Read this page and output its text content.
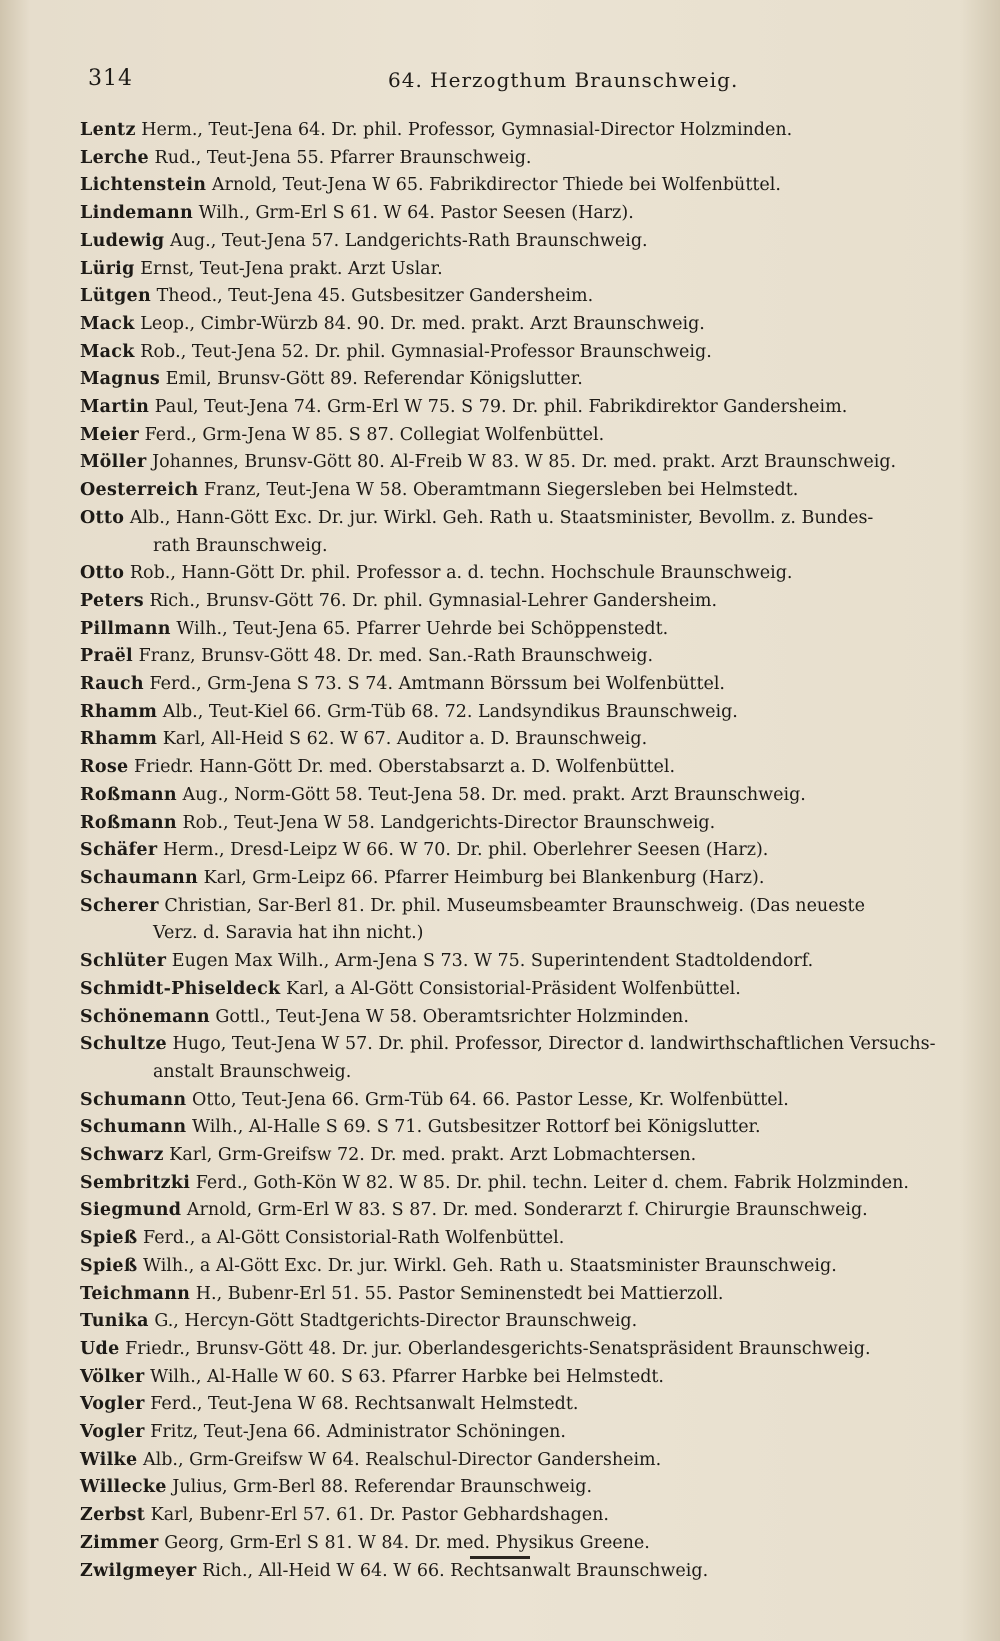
314	64. Herzogthum Braunschweig.
Lentz Herm., Teut-Jena 64. Dr. phil. Professor, Gymnasial-Director Holzminden.
Lerche Rud., Teut-Jena 55. Pfarrer Braunschweig.
Lichtenstein Arnold, Teut-Jena W 65. Fabrikdirector Thiede bei Wolfenbüttel.
Lindemann Wilh., Grm-Erl S 61. W 64. Pastor Seesen (Harz).
Ludewig Aug., Teut-Jena 57. Landgerichts-Rath Braunschweig.
Lürig Ernst, Teut-Jena prakt. Arzt Uslar.
Lütgen Theod., Teut-Jena 45. Gutsbesitzer Gandersheim.
Mack Leop., Cimbr-Würzb 84. 90. Dr. med. prakt. Arzt Braunschweig.
Mack Rob., Teut-Jena 52. Dr. phil. Gymnasial-Professor Braunschweig.
Magnus Emil, Brunsv-Gött 89. Referendar Königslutter.
Martin Paul, Teut-Jena 74. Grm-Erl W 75. S 79. Dr. phil. Fabrikdirektor Gandersheim.
Meier Ferd., Grm-Jena W 85. S 87. Collegiat Wolfenbüttel.
Möller Johannes, Brunsv-Gött 80. Al-Freib W 83. W 85. Dr. med. prakt. Arzt Braunschweig.
Oesterreich Franz, Teut-Jena W 58. Oberamtmann Siegersleben bei Helmstedt.
Otto Alb., Hann-Gött Exc. Dr. jur. Wirkl. Geh. Rath u. Staatsminister, Bevollm. z. Bundes-
rath Braunschweig.
Otto Rob., Hann-Gött Dr. phil. Professor a. d. techn. Hochschule Braunschweig.
Peters Rich., Brunsv-Gött 76. Dr. phil. Gymnasial-Lehrer Gandersheim.
Pillmann Wilh., Teut-Jena 65. Pfarrer Uehrde bei Schöppenstedt.
Praël Franz, Brunsv-Gött 48. Dr. med. San.-Rath Braunschweig.
Rauch Ferd., Grm-Jena S 73. S 74. Amtmann Börssum bei Wolfenbüttel.
Rhamm Alb., Teut-Kiel 66. Grm-Tüb 68. 72. Landsyndikus Braunschweig.
Rhamm Karl, All-Heid S 62. W 67. Auditor a. D. Braunschweig.
Rose Friedr. Hann-Gött Dr. med. Oberstabsarzt a. D. Wolfenbüttel.
Roßmann Aug., Norm-Gött 58. Teut-Jena 58. Dr. med. prakt. Arzt Braunschweig.
Roßmann Rob., Teut-Jena W 58. Landgerichts-Director Braunschweig.
Schäfer Herm., Dresd-Leipz W 66. W 70. Dr. phil. Oberlehrer Seesen (Harz).
Schaumann Karl, Grm-Leipz 66. Pfarrer Heimburg bei Blankenburg (Harz).
Scherer Christian, Sar-Berl 81. Dr. phil. Museumsbeamter Braunschweig. (Das neueste
Verz. d. Saravia hat ihn nicht.)
Schlüter Eugen Max Wilh., Arm-Jena S 73. W 75. Superintendent Stadtoldendorf.
Schmidt-Phiseldeck Karl, a Al-Gött Consistorial-Präsident Wolfenbüttel.
Schönemann Gottl., Teut-Jena W 58. Oberamtsrichter Holzminden.
Schultze Hugo, Teut-Jena W 57. Dr. phil. Professor, Director d. landwirthschaftlichen Versuchs-
anstalt Braunschweig.
Schumann Otto, Teut-Jena 66. Grm-Tüb 64. 66. Pastor Lesse, Kr. Wolfenbüttel.
Schumann Wilh., Al-Halle S 69. S 71. Gutsbesitzer Rottorf bei Königslutter.
Schwarz Karl, Grm-Greifsw 72. Dr. med. prakt. Arzt Lobmachtersen.
Sembritzki Ferd., Goth-Kön W 82. W 85. Dr. phil. techn. Leiter d. chem. Fabrik Holzminden.
Siegmund Arnold, Grm-Erl W 83. S 87. Dr. med. Sonderarzt f. Chirurgie Braunschweig.
Spieß Ferd., a Al-Gött Consistorial-Rath Wolfenbüttel.
Spieß Wilh., a Al-Gött Exc. Dr. jur. Wirkl. Geh. Rath u. Staatsminister Braunschweig.
Teichmann H., Bubenr-Erl 51. 55. Pastor Seminenstedt bei Mattierzoll.
Tunika G., Hercyn-Gött Stadtgerichts-Director Braunschweig.
Ude Friedr., Brunsv-Gött 48. Dr. jur. Oberlandesgerichts-Senatspräsident Braunschweig.
Völker Wilh., Al-Halle W 60. S 63. Pfarrer Harbke bei Helmstedt.
Vogler Ferd., Teut-Jena W 68. Rechtsanwalt Helmstedt.
Vogler Fritz, Teut-Jena 66. Administrator Schöningen.
Wilke Alb., Grm-Greifsw W 64. Realschul-Director Gandersheim.
Willecke Julius, Grm-Berl 88. Referendar Braunschweig.
Zerbst Karl, Bubenr-Erl 57. 61. Dr. Pastor Gebhardshagen.
Zimmer Georg, Grm-Erl S 81. W 84. Dr. med. Physikus Greene.
Zwilgmeyer Rich., All-Heid W 64. W 66. Rechtsanwalt Braunschweig.
